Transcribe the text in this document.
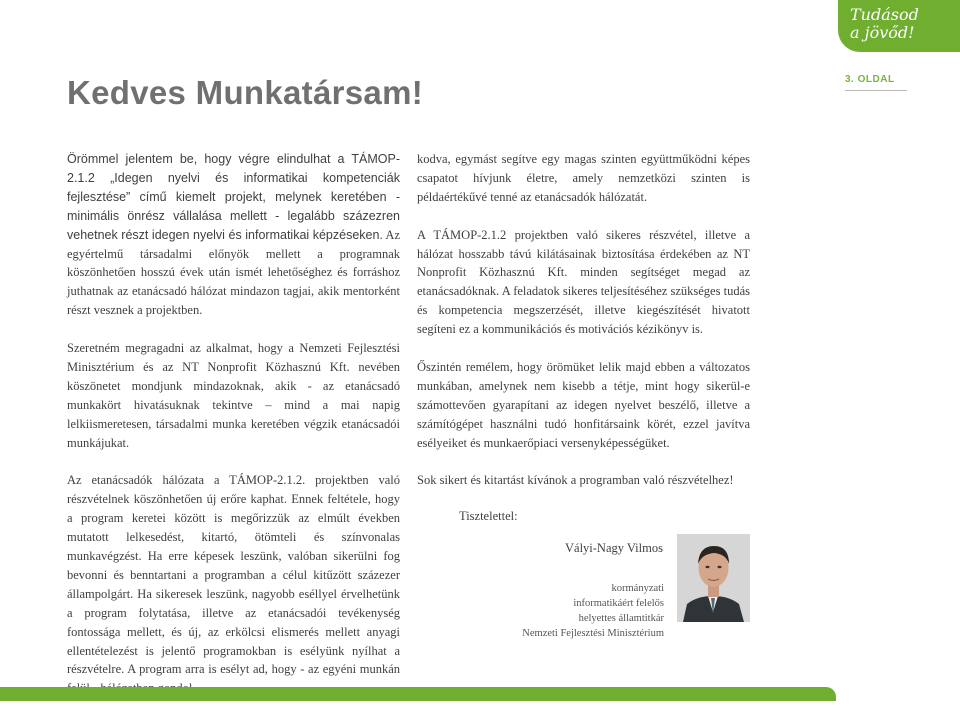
Tudásod
a jövőd!
3. OLDAL
Kedves Munkatársam!

Örömmel jelentem be, hogy végre elindulhat a TÁMOP-2.1.2 „Idegen nyelvi és informatikai kompetenciák fejlesztése” című kiemelt projekt, melynek keretében - minimális önrész vállalása mellett - legalább százezren vehetnek részt idegen nyelvi és informatikai képzéseken. Az egyértelmű társadalmi előnyök mellett a programnak köszönhetően hosszú évek után ismét lehetőséghez és forráshoz juthatnak az etanácsadó hálózat mindazon tagjai, akik mentorként részt vesznek a projektben.

Szeretném megragadni az alkalmat, hogy a Nemzeti Fejlesztési Minisztérium és az NT Nonprofit Közhasznú Kft. nevében köszönetet mondjunk mindazoknak, akik - az etanácsadó munkakört hivatásuknak tekintve – mind a mai napig lelkiismeretesen, társadalmi munka keretében végzik etanácsadói munkájukat.

Az etanácsadók hálózata a TÁMOP-2.1.2. projektben való részvételnek köszönhetően új erőre kaphat. Ennek feltétele, hogy a program keretei között is megőrizzük az elmúlt években mutatott lelkesedést, kitartó, ötömteli és színvonalas munkavégzést. Ha erre képesek leszünk, valóban sikerülni fog bevonni és benntartani a programban a célul kitűzött százezer állampolgárt. Ha sikeresek leszünk, nagyobb eséllyel érvelhetünk a program folytatása, illetve az etanácsadói tevékenység fontossága mellett, és új, az erkölcsi elismerés mellett anyagi ellentételezést is jelentő programokban is esélyünk nyílhat a részvételre. A program arra is esélyt ad, hogy - az egyéni munkán

kodva, egymást segítve egy magas szinten együttműködni képes csapatot hívjunk életre, amely nemzetközi szinten is példaértékűvé tenné az etanácsadók hálózatát.

A TÁMOP-2.1.2 projektben való sikeres részvétel, illetve a hálózat hosszabb távú kilátásainak biztosítása érdekében az NT Nonprofit Közhasznú Kft. minden segítséget megad az etanácsadóknak. A feladatok sikeres teljesítéséhez szükséges tudás és kompetencia megszerzését, illetve kiegészítését hivatott segíteni ez a kommunikációs és motivációs kézikönyv is.

Őszintén remélem, hogy örömüket lelik majd ebben a változatos munkában, amelynek nem kisebb a tétje, mint hogy sikerül-e számottevően gyarapítani az idegen nyelvet beszélő, illetve a számítógépet használni tudó honfitársaink körét, ezzel javítva esélyeiket és munkaerőpiaci versenyképességüket.

Sok sikert és kitartást kívánok a programban való részvételhez!

Tisztelettel:
Vályi-Nagy Vilmos
kormányzati
informatikáért felelős
helyettes államtitkár
Nemzeti Fejlesztési Minisztérium
